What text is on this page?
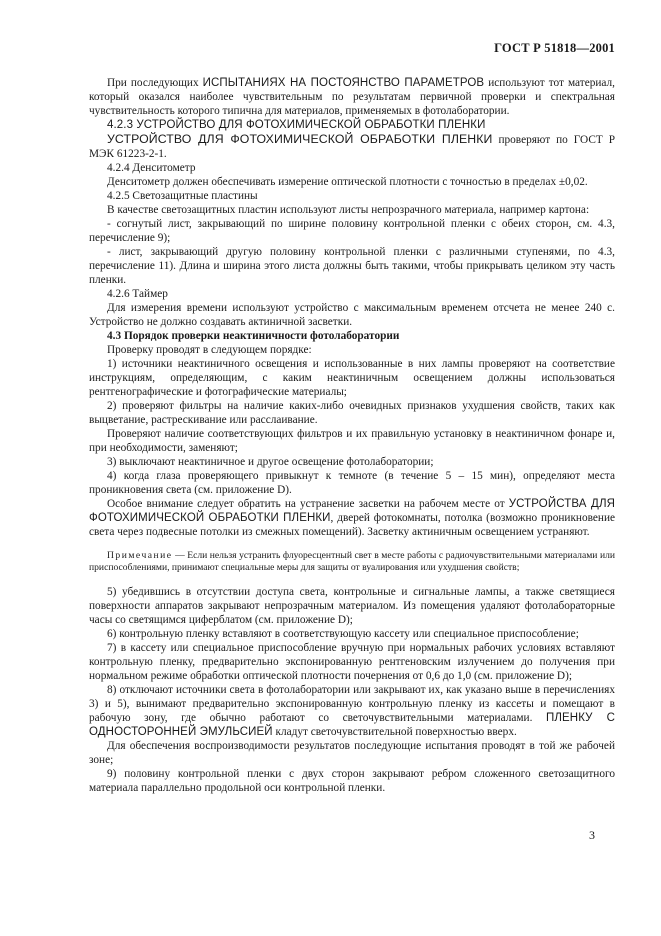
ГОСТ Р 51818—2001

При последующих ИСПЫТАНИЯХ НА ПОСТОЯНСТВО ПАРАМЕТРОВ используют тот материал, который оказался наиболее чувствительным по результатам первичной проверки и спектральная чувствительность которого типична для материалов, применяемых в фотолаборатории.

4.2.3 УСТРОЙСТВО ДЛЯ ФОТОХИМИЧЕСКОЙ ОБРАБОТКИ ПЛЕНКИ

УСТРОЙСТВО ДЛЯ ФОТОХИМИЧЕСКОЙ ОБРАБОТКИ ПЛЕНКИ проверяют по ГОСТ Р МЭК 61223-2-1.

4.2.4 Денситометр

Денситометр должен обеспечивать измерение оптической плотности с точностью в пределах ±0,02.

4.2.5 Светозащитные пластины

В качестве светозащитных пластин используют листы непрозрачного материала, например картона:

- согнутый лист, закрывающий по ширине половину контрольной пленки с обеих сторон, см. 4.3, перечисление 9);

- лист, закрывающий другую половину контрольной пленки с различными ступенями, по 4.3, перечисление 11). Длина и ширина этого листа должны быть такими, чтобы прикрывать целиком эту часть пленки.

4.2.6 Таймер

Для измерения времени используют устройство с максимальным временем отсчета не менее 240 с. Устройство не должно создавать актиничной засветки.

4.3 Порядок проверки неактиничности фотолаборатории

Проверку проводят в следующем порядке:

1) источники неактиничного освещения и использованные в них лампы проверяют на соответствие инструкциям, определяющим, с каким неактиничным освещением должны использоваться рентгенографические и фотографические материалы;

2) проверяют фильтры на наличие каких-либо очевидных признаков ухудшения свойств, таких как выцветание, растрескивание или расслаивание.

Проверяют наличие соответствующих фильтров и их правильную установку в неактиничном фонаре и, при необходимости, заменяют;

3) выключают неактиничное и другое освещение фотолаборатории;

4) когда глаза проверяющего привыкнут к темноте (в течение 5 – 15 мин), определяют места проникновения света (см. приложение D).

Особое внимание следует обратить на устранение засветки на рабочем месте от УСТРОЙСТВА ДЛЯ ФОТОХИМИЧЕСКОЙ ОБРАБОТКИ ПЛЕНКИ, дверей фотокомнаты, потолка (возможно проникновение света через подвесные потолки из смежных помещений). Засветку актиничным освещением устраняют.

Примечание — Если нельзя устранить флуоресцентный свет в месте работы с радиочувствительными материалами или приспособлениями, принимают специальные меры для защиты от вуалирования или ухудшения свойств;

5) убедившись в отсутствии доступа света, контрольные и сигнальные лампы, а также светящиеся поверхности аппаратов закрывают непрозрачным материалом. Из помещения удаляют фотолабораторные часы со светящимся циферблатом (см. приложение D);

6) контрольную пленку вставляют в соответствующую кассету или специальное приспособление;

7) в кассету или специальное приспособление вручную при нормальных рабочих условиях вставляют контрольную пленку, предварительно экспонированную рентгеновским излучением до получения при нормальном режиме обработки оптической плотности почернения от 0,6 до 1,0 (см. приложение D);

8) отключают источники света в фотолаборатории или закрывают их, как указано выше в перечислениях 3) и 5), вынимают предварительно экспонированную контрольную пленку из кассеты и помещают в рабочую зону, где обычно работают со светочувствительными материалами. ПЛЕНКУ С ОДНОСТОРОННЕЙ ЭМУЛЬСИЕЙ кладут светочувствительной поверхностью вверх.

Для обеспечения воспроизводимости результатов последующие испытания проводят в той же рабочей зоне;

9) половину контрольной пленки с двух сторон закрывают ребром сложенного светозащитного материала параллельно продольной оси контрольной пленки.

3
